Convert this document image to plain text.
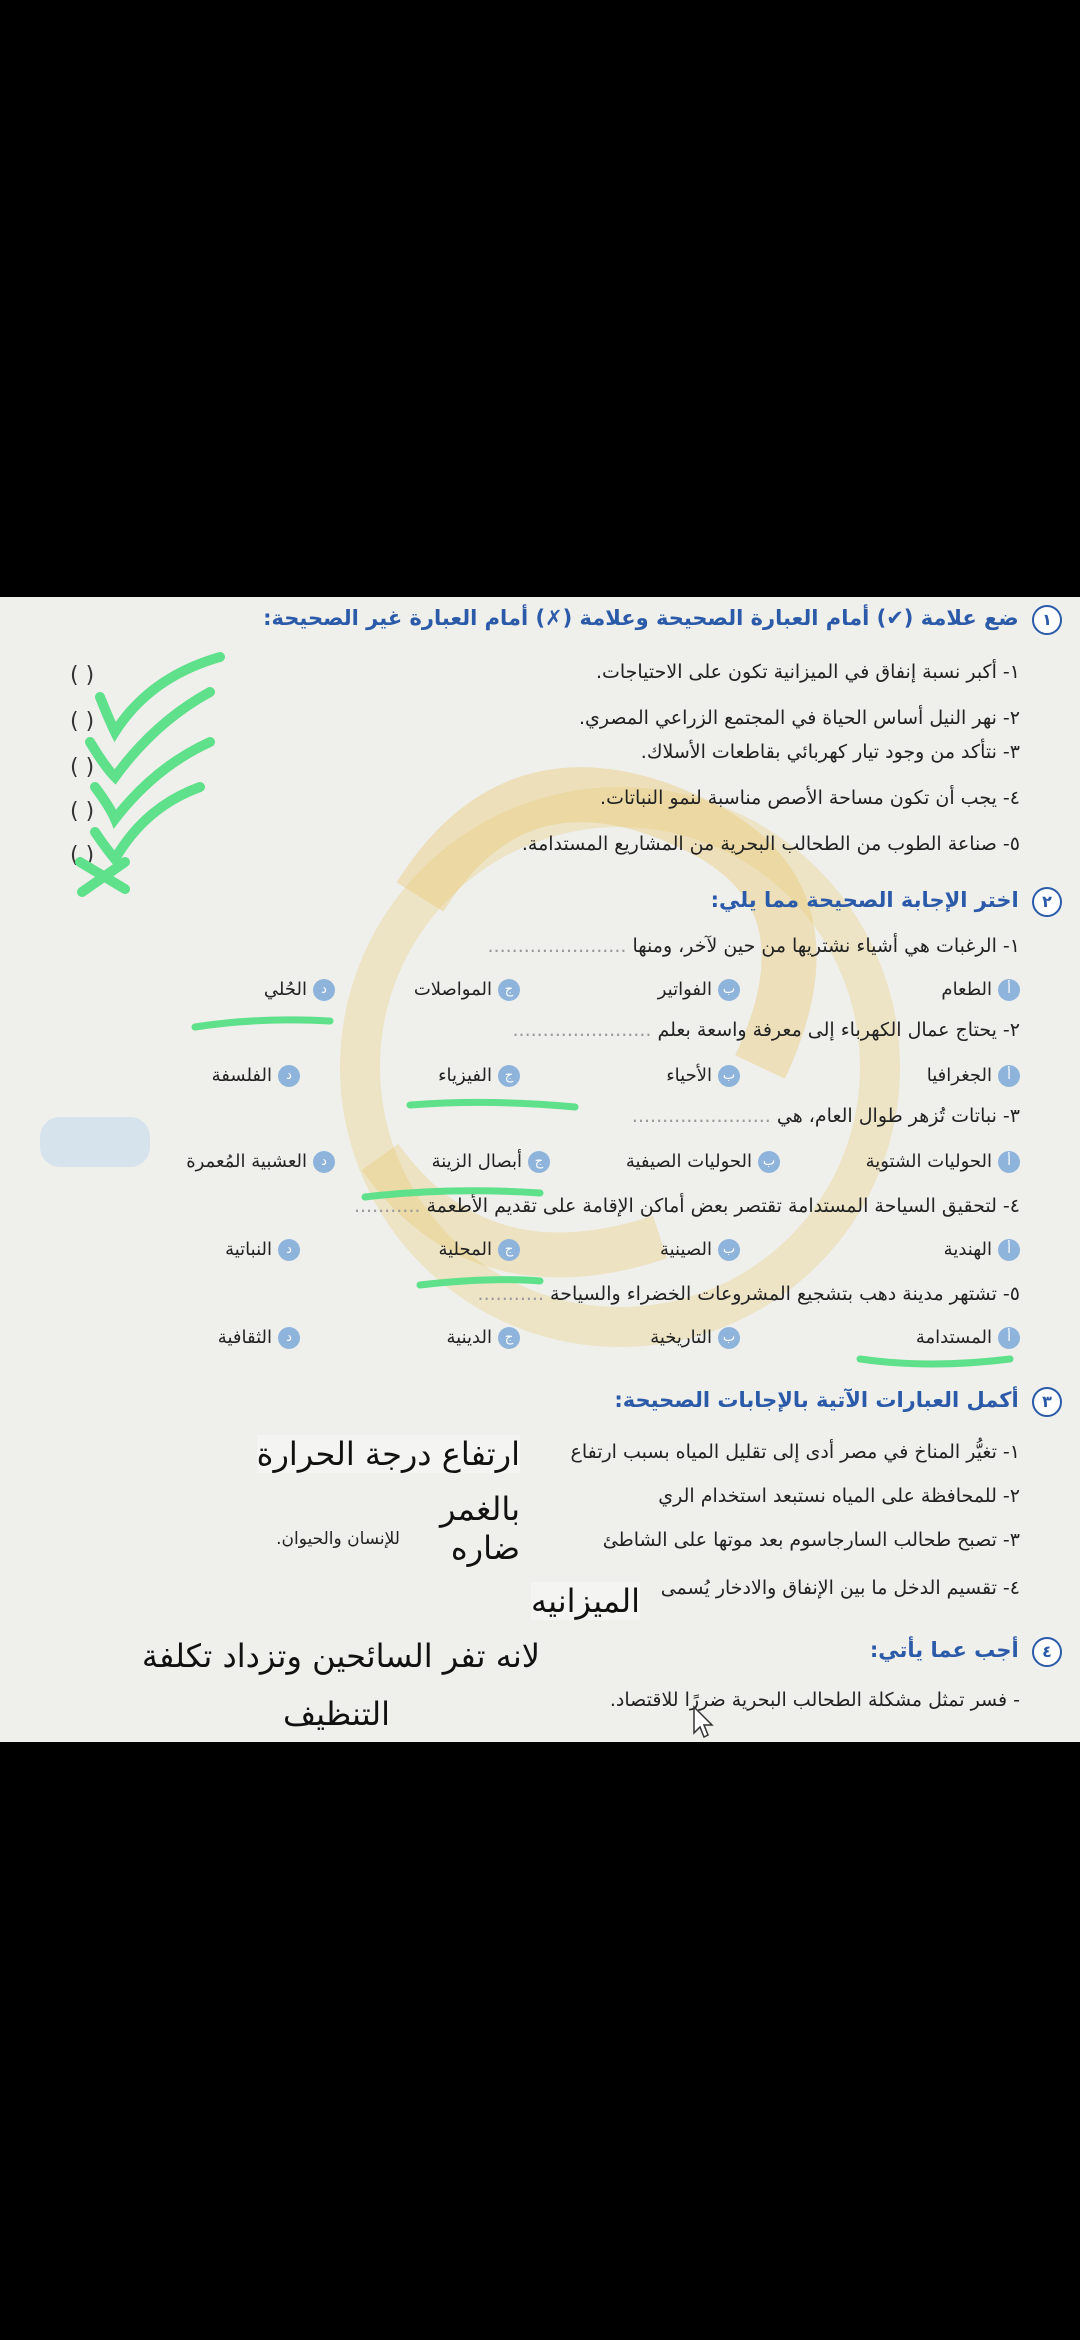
١ ضع علامة (✔) أمام العبارة الصحيحة وعلامة (✗) أمام العبارة غير الصحيحة:
١- أكبر نسبة إنفاق في الميزانية تكون على الاحتياجات.
٢- نهر النيل أساس الحياة في المجتمع الزراعي المصري.
٣- نتأكد من وجود تيار كهربائي بقاطعات الأسلاك.
٤- يجب أن تكون مساحة الأصص مناسبة لنمو النباتات.
٥- صناعة الطوب من الطحالب البحرية من المشاريع المستدامة.
( )
( )
( )
( )
( )
٢ اختر الإجابة الصحيحة مما يلي:
١- الرغبات هي أشياء نشتريها من حين لآخر، ومنها .......................
أالطعام
بالفواتير
جالمواصلات
دالحُلي
٢- يحتاج عمال الكهرباء إلى معرفة واسعة بعلم .......................
أالجغرافيا
بالأحياء
جالفيزياء
دالفلسفة
٣- نباتات تُزهر طوال العام، هي .......................
أالحوليات الشتوية
بالحوليات الصيفية
جأبصال الزينة
دالعشبية المُعمرة
٤- لتحقيق السياحة المستدامة تقتصر بعض أماكن الإقامة على تقديم الأطعمة ...........
أالهندية
بالصينية
جالمحلية
دالنباتية
٥- تشتهر مدينة دهب بتشجيع المشروعات الخضراء والسياحة ...........
أالمستدامة
بالتاريخية
جالدينية
دالثقافية
٣ أكمل العبارات الآتية بالإجابات الصحيحة:
١- تغيُّر المناخ في مصر أدى إلى تقليل المياه بسبب ارتفاع
٢- للمحافظة على المياه نستبعد استخدام الري
٣- تصبح طحالب السارجاسوم بعد موتها على الشاطئ
للإنسان والحيوان.
٤- تقسيم الدخل ما بين الإنفاق والادخار يُسمى
٤ أجب عما يأتي:
- فسر تمثل مشكلة الطحالب البحرية ضررًا للاقتصاد.
ارتفاع درجة الحرارة
بالغمر
ضاره
الميزانيه
لانه تفر السائحين وتزداد تكلفة
التنظيف
